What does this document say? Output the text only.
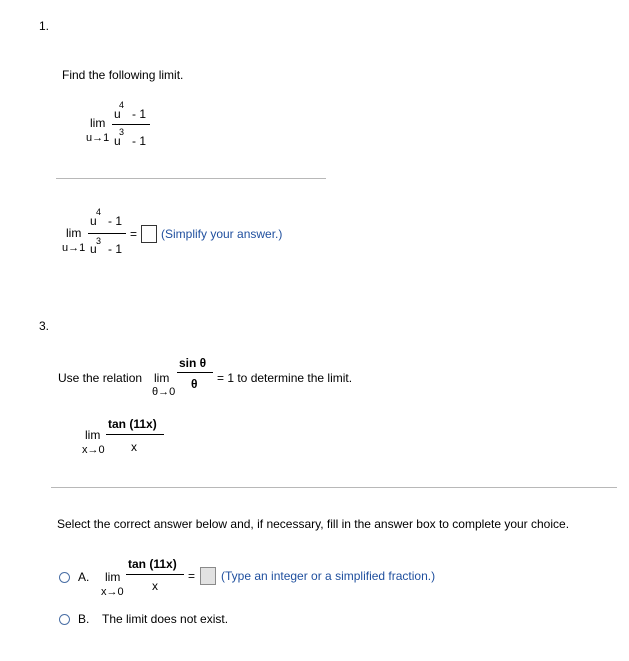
1.
Find the following limit.
lim
u→1
4
u - 1
3
u - 1
lim
u→1
4
u - 1
3
u - 1
= (Simplify your answer.)
3.
Use the relation lim
θ→0
sin θ
θ = 1 to determine the limit.
lim
x→0
tan (11x)
x
Select the correct answer below and, if necessary, fill in the answer box to complete your choice.
A. lim
x→0
tan (11x)
x
= (Type an integer or a simplified fraction.)
B. The limit does not exist.
